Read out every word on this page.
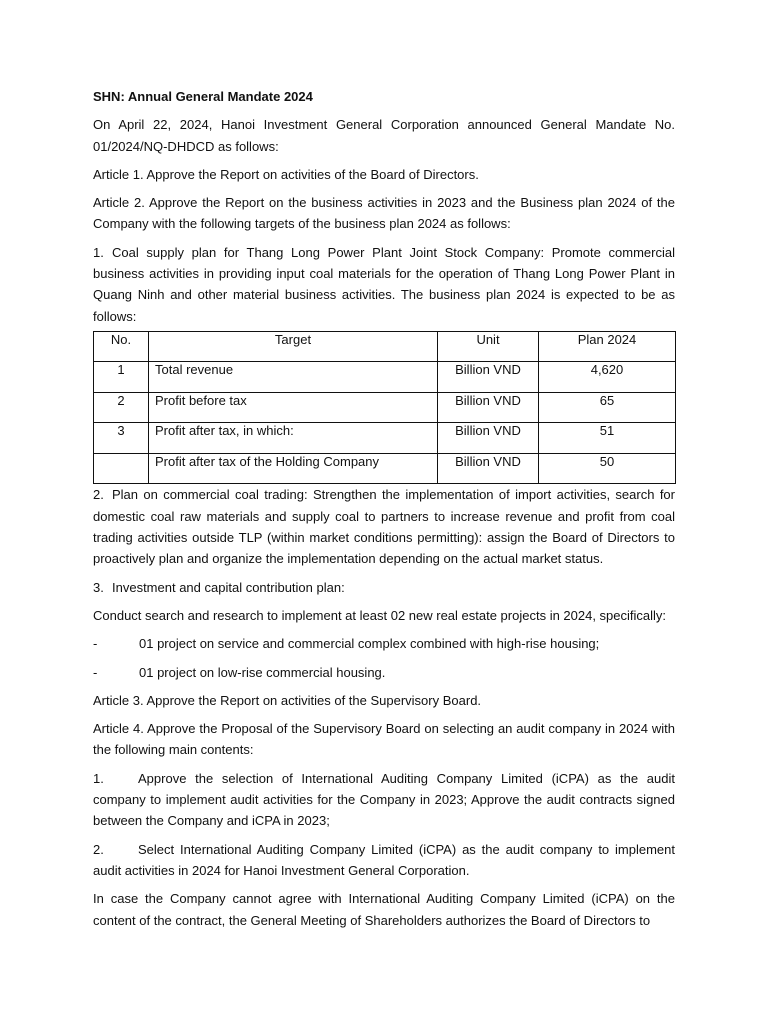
SHN: Annual General Mandate 2024

On April 22, 2024, Hanoi Investment General Corporation announced General Mandate No. 01/2024/NQ-DHDCD as follows:

Article 1. Approve the Report on activities of the Board of Directors.

Article 2. Approve the Report on the business activities in 2023 and the Business plan 2024 of the Company with the following targets of the business plan 2024 as follows:

1. Coal supply plan for Thang Long Power Plant Joint Stock Company: Promote commercial business activities in providing input coal materials for the operation of Thang Long Power Plant in Quang Ninh and other material business activities. The business plan 2024 is expected to be as follows:

No.	Target	Unit	Plan 2024
1	Total revenue	Billion VND	4,620
2	Profit before tax	Billion VND	65
3	Profit after tax, in which:	Billion VND	51
	Profit after tax of the Holding Company	Billion VND	50

2. Plan on commercial coal trading: Strengthen the implementation of import activities, search for domestic coal raw materials and supply coal to partners to increase revenue and profit from coal trading activities outside TLP (within market conditions permitting): assign the Board of Directors to proactively plan and organize the implementation depending on the actual market status.

3. Investment and capital contribution plan:

Conduct search and research to implement at least 02 new real estate projects in 2024, specifically:

-	01 project on service and commercial complex combined with high-rise housing;
-	01 project on low-rise commercial housing.

Article 3. Approve the Report on activities of the Supervisory Board.

Article 4. Approve the Proposal of the Supervisory Board on selecting an audit company in 2024 with the following main contents:

1.	Approve the selection of International Auditing Company Limited (iCPA) as the audit company to implement audit activities for the Company in 2023; Approve the audit contracts signed between the Company and iCPA in 2023;

2.	Select International Auditing Company Limited (iCPA) as the audit company to implement audit activities in 2024 for Hanoi Investment General Corporation.

In case the Company cannot agree with International Auditing Company Limited (iCPA) on the content of the contract, the General Meeting of Shareholders authorizes the Board of Directors to
